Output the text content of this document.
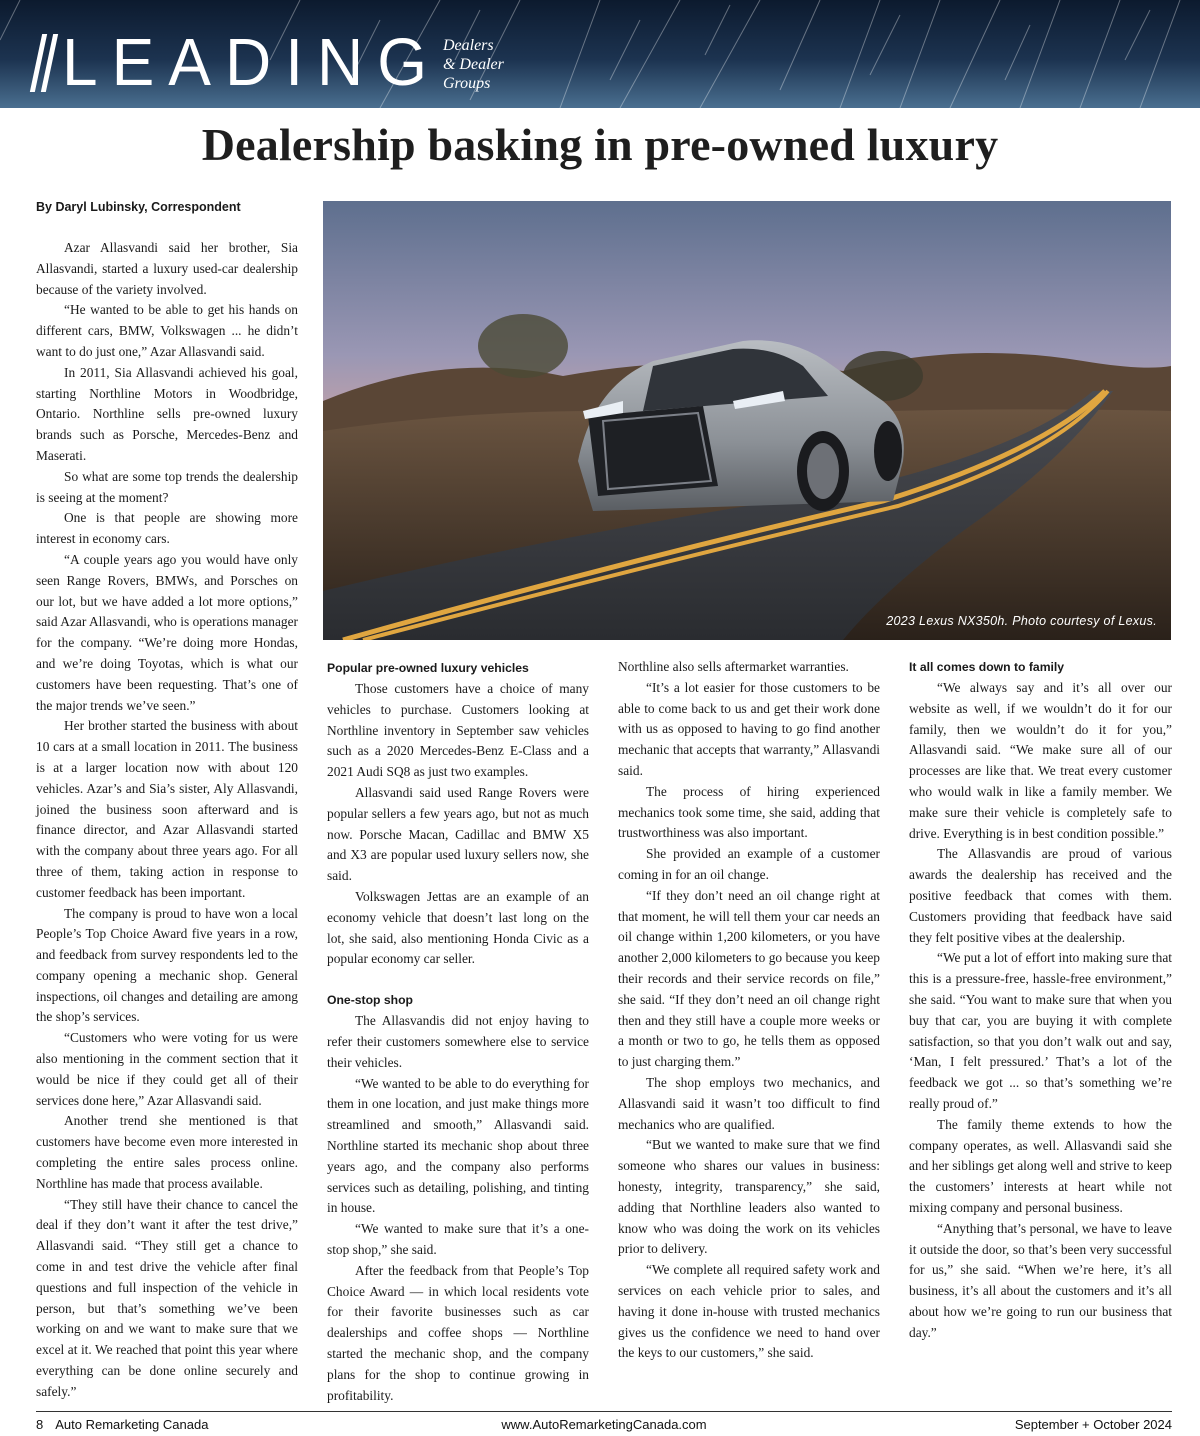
LEADING Dealers
& Dealer
Groups
Dealership basking in pre-owned luxury
By Daryl Lubinsky, Correspondent

Azar Allasvandi said her brother, Sia Allasvandi, started a luxury used-car dealership because of the variety involved.

“He wanted to be able to get his hands on different cars, BMW, Volkswagen ... he didn’t want to do just one,” Azar Allasvandi said.

In 2011, Sia Allasvandi achieved his goal, starting Northline Motors in Woodbridge, Ontario. Northline sells pre-owned luxury brands such as Porsche, Mercedes-Benz and Maserati.

So what are some top trends the dealership is seeing at the moment?

One is that people are showing more interest in economy cars.

“A couple years ago you would have only seen Range Rovers, BMWs, and Porsches on our lot, but we have added a lot more options,” said Azar Allasvandi, who is operations manager for the company. “We’re doing more Hondas, and we’re doing Toyotas, which is what our customers have been requesting. That’s one of the major trends we’ve seen.”

Her brother started the business with about 10 cars at a small location in 2011. The business is at a larger location now with about 120 vehicles. Azar’s and Sia’s sister, Aly Allasvandi, joined the business soon afterward and is finance director, and Azar Allasvandi started with the company about three years ago. For all three of them, taking action in response to customer feedback has been important.

The company is proud to have won a local People’s Top Choice Award five years in a row, and feedback from survey respondents led to the company opening a mechanic shop. General inspections, oil changes and detailing are among the shop’s services.

“Customers who were voting for us were also mentioning in the comment section that it would be nice if they could get all of their services done here,” Azar Allasvandi said.

Another trend she mentioned is that customers have become even more interested in completing the entire sales process online. Northline has made that process available.

“They still have their chance to cancel the deal if they don’t want it after the test drive,” Allasvandi said. “They still get a chance to come in and test drive the vehicle after final questions and full inspection of the vehicle in person, but that’s something we’ve been working on and we want to make sure that we excel at it. We reached that point this year where everything can be done online securely and safely.”

2023 Lexus NX350h. Photo courtesy of Lexus.
Popular pre-owned luxury vehicles

Those customers have a choice of many vehicles to purchase. Customers looking at Northline inventory in September saw vehicles such as a 2020 Mercedes-Benz E-Class and a 2021 Audi SQ8 as just two examples.

Allasvandi said used Range Rovers were popular sellers a few years ago, but not as much now. Porsche Macan, Cadillac and BMW X5 and X3 are popular used luxury sellers now, she said.

Volkswagen Jettas are an example of an economy vehicle that doesn’t last long on the lot, she said, also mentioning Honda Civic as a popular economy car seller.

One-stop shop

The Allasvandis did not enjoy having to refer their customers somewhere else to service their vehicles.

“We wanted to be able to do everything for them in one location, and just make things more streamlined and smooth,” Allasvandi said. Northline started its mechanic shop about three years ago, and the company also performs services such as detailing, polishing, and tinting in house.

“We wanted to make sure that it’s a one-stop shop,” she said.

After the feedback from that People’s Top Choice Award — in which local residents vote for their favorite businesses such as car dealerships and coffee shops — Northline started the mechanic shop, and the company plans for the shop to continue growing in profitability.

Northline also sells aftermarket warranties.

“It’s a lot easier for those customers to be able to come back to us and get their work done with us as opposed to having to go find another mechanic that accepts that warranty,” Allasvandi said.

The process of hiring experienced mechanics took some time, she said, adding that trustworthiness was also important.

She provided an example of a customer coming in for an oil change.

“If they don’t need an oil change right at that moment, he will tell them your car needs an oil change within 1,200 kilometers, or you have another 2,000 kilometers to go because you keep their records and their service records on file,” she said. “If they don’t need an oil change right then and they still have a couple more weeks or a month or two to go, he tells them as opposed to just charging them.”

The shop employs two mechanics, and Allasvandi said it wasn’t too difficult to find mechanics who are qualified.

“But we wanted to make sure that we find someone who shares our values in business: honesty, integrity, transparency,” she said, adding that Northline leaders also wanted to know who was doing the work on its vehicles prior to delivery.

“We complete all required safety work and services on each vehicle prior to sales, and having it done in-house with trusted mechanics gives us the confidence we need to hand over the keys to our customers,” she said.

It all comes down to family

“We always say and it’s all over our website as well, if we wouldn’t do it for our family, then we wouldn’t do it for you,” Allasvandi said. “We make sure all of our processes are like that. We treat every customer who would walk in like a family member. We make sure their vehicle is completely safe to drive. Everything is in best condition possible.”

The Allasvandis are proud of various awards the dealership has received and the positive feedback that comes with them. Customers providing that feedback have said they felt positive vibes at the dealership.

“We put a lot of effort into making sure that this is a pressure-free, hassle-free environment,” she said. “You want to make sure that when you buy that car, you are buying it with complete satisfaction, so that you don’t walk out and say, ‘Man, I felt pressured.’ That’s a lot of the feedback we got ... so that’s something we’re really proud of.”

The family theme extends to how the company operates, as well. Allasvandi said she and her siblings get along well and strive to keep the customers’ interests at heart while not mixing company and personal business.

“Anything that’s personal, we have to leave it outside the door, so that’s been very successful for us,” she said. “When we’re here, it’s all business, it’s all about the customers and it’s all about how we’re going to run our business that day.”

8 Auto Remarketing Canada	www.AutoRemarketingCanada.com	September + October 2024
